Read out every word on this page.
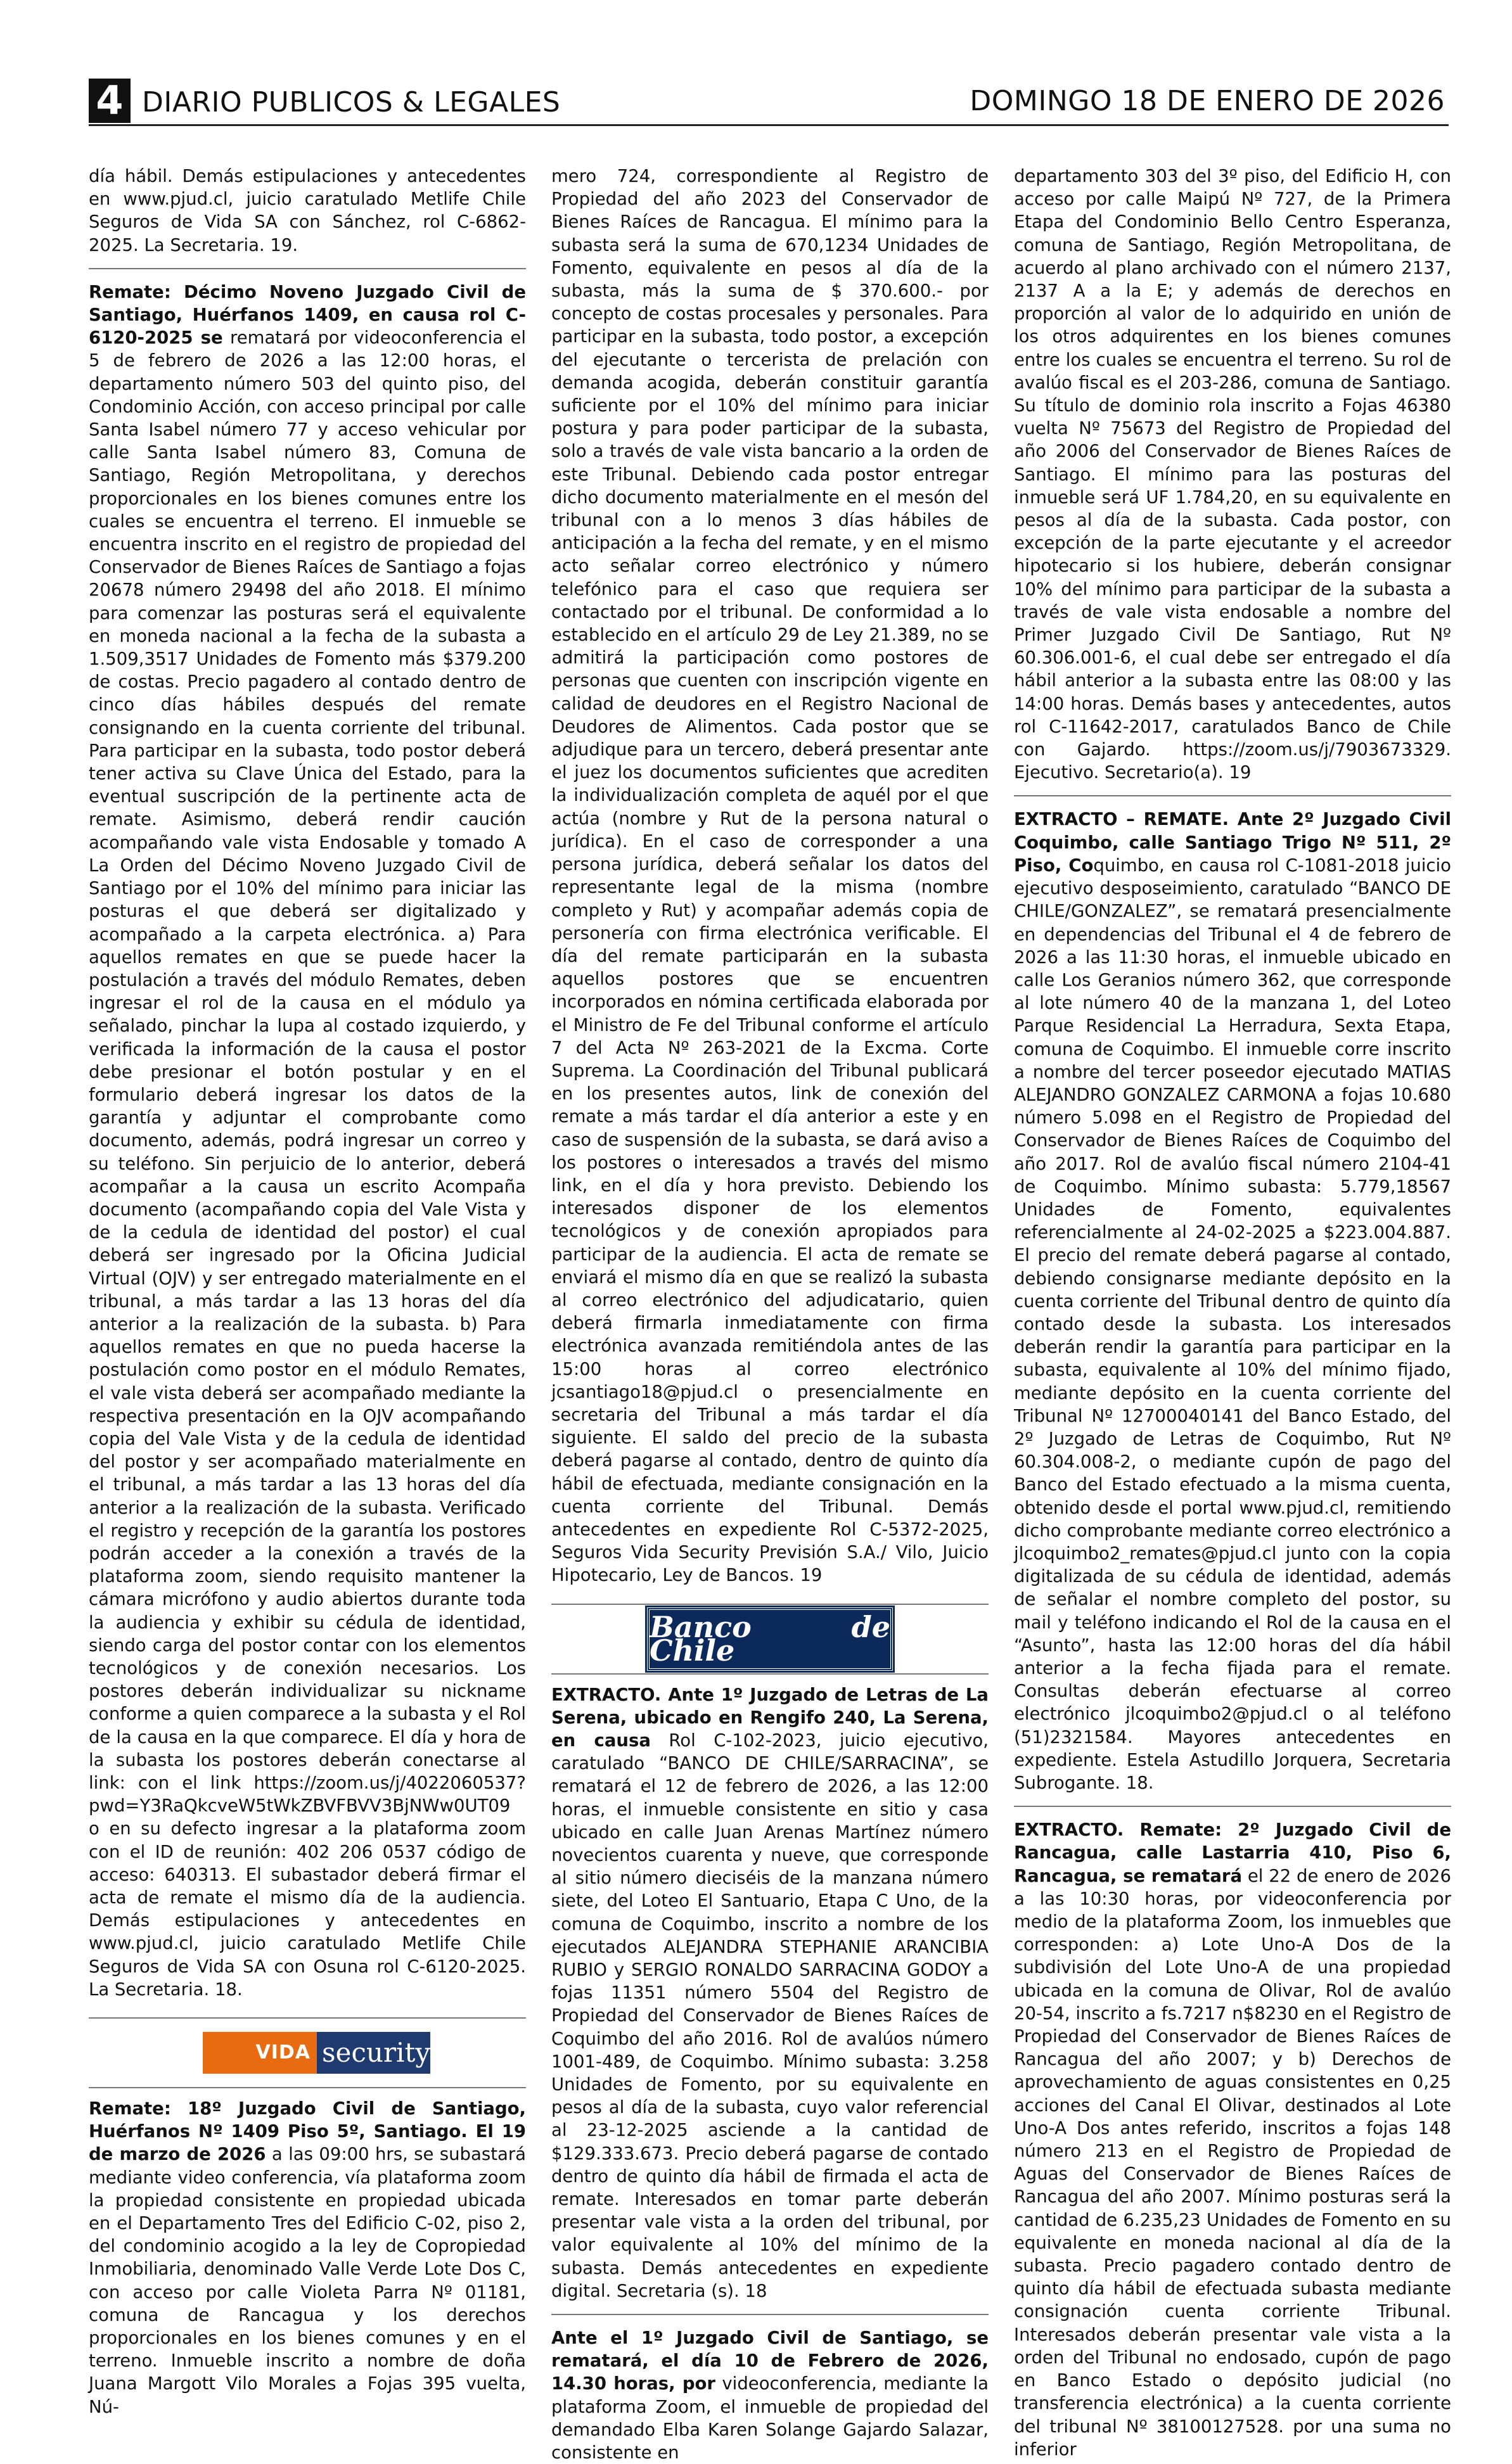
4 DIARIO PUBLICOS & LEGALES	DOMINGO 18 DE ENERO DE 2026

día hábil. Demás estipulaciones y antecedentes en www.pjud.cl, juicio caratulado Metlife Chile Seguros de Vida SA con Sánchez, rol C-6862-2025. La Secretaria. 19.

Remate: Décimo Noveno Juzgado Civil de Santiago, Huérfanos 1409, en causa rol C-6120-2025 se rematará por videoconferencia el 5 de febrero de 2026 a las 12:00 horas, el departamento número 503 del quinto piso, del Condominio Acción, con acceso principal por calle Santa Isabel número 77 y acceso vehicular por calle Santa Isabel número 83, Comuna de Santiago, Región Metropolitana, y derechos proporcionales en los bienes comunes entre los cuales se encuentra el terreno. El inmueble se encuentra inscrito en el registro de propiedad del Conservador de Bienes Raíces de Santiago a fojas 20678 número 29498 del año 2018. El mínimo para comenzar las posturas será el equivalente en moneda nacional a la fecha de la subasta a 1.509,3517 Unidades de Fomento más $379.200 de costas. Precio pagadero al contado dentro de cinco días hábiles después del remate consignando en la cuenta corriente del tribunal. Para participar en la subasta, todo postor deberá tener activa su Clave Única del Estado, para la eventual suscripción de la pertinente acta de remate. Asimismo, deberá rendir caución acompañando vale vista Endosable y tomado A La Orden del Décimo Noveno Juzgado Civil de Santiago por el 10% del mínimo para iniciar las posturas el que deberá ser digitalizado y acompañado a la carpeta electrónica. a) Para aquellos remates en que se puede hacer la postulación a través del módulo Remates, deben ingresar el rol de la causa en el módulo ya señalado, pinchar la lupa al costado izquierdo, y verificada la información de la causa el postor debe presionar el botón postular y en el formulario deberá ingresar los datos de la garantía y adjuntar el comprobante como documento, además, podrá ingresar un correo y su teléfono. Sin perjuicio de lo anterior, deberá acompañar a la causa un escrito Acompaña documento (acompañando copia del Vale Vista y de la cedula de identidad del postor) el cual deberá ser ingresado por la Oficina Judicial Virtual (OJV) y ser entregado materialmente en el tribunal, a más tardar a las 13 horas del día anterior a la realización de la subasta. b) Para aquellos remates en que no pueda hacerse la postulación como postor en el módulo Remates, el vale vista deberá ser acompañado mediante la respectiva presentación en la OJV acompañando copia del Vale Vista y de la cedula de identidad del postor y ser acompañado materialmente en el tribunal, a más tardar a las 13 horas del día anterior a la realización de la subasta. Verificado el registro y recepción de la garantía los postores podrán acceder a la conexión a través de la plataforma zoom, siendo requisito mantener la cámara micrófono y audio abiertos durante toda la audiencia y exhibir su cédula de identidad, siendo carga del postor contar con los elementos tecnológicos y de conexión necesarios. Los postores deberán individualizar su nickname conforme a quien comparece a la subasta y el Rol de la causa en la que comparece. El día y hora de la subasta los postores deberán conectarse al link: con el link https://zoom.us/j/4022060537?pwd=Y3RaQkcveW5tWkZBVFBVV3BjNWw0UT09 o en su defecto ingresar a la plataforma zoom con el ID de reunión: 402 206 0537 código de acceso: 640313. El subastador deberá firmar el acta de remate el mismo día de la audiencia. Demás estipulaciones y antecedentes en www.pjud.cl, juicio caratulado Metlife Chile Seguros de Vida SA con Osuna rol C-6120-2025. La Secretaria. 18.

VIDA security

Remate: 18º Juzgado Civil de Santiago, Huérfanos Nº 1409 Piso 5º, Santiago. El 19 de marzo de 2026 a las 09:00 hrs, se subastará mediante video conferencia, vía plataforma zoom la propiedad consistente en propiedad ubicada en el Departamento Tres del Edificio C-02, piso 2, del condominio acogido a la ley de Copropiedad Inmobiliaria, denominado Valle Verde Lote Dos C, con acceso por calle Violeta Parra Nº 01181, comuna de Rancagua y los derechos proporcionales en los bienes comunes y en el terreno. Inmueble inscrito a nombre de doña Juana Margott Vilo Morales a Fojas 395 vuelta, Nú-

mero 724, correspondiente al Registro de Propiedad del año 2023 del Conservador de Bienes Raíces de Rancagua. El mínimo para la subasta será la suma de 670,1234 Unidades de Fomento, equivalente en pesos al día de la subasta, más la suma de $ 370.600.- por concepto de costas procesales y personales. Para participar en la subasta, todo postor, a excepción del ejecutante o tercerista de prelación con demanda acogida, deberán constituir garantía suficiente por el 10% del mínimo para iniciar postura y para poder participar de la subasta, solo a través de vale vista bancario a la orden de este Tribunal. Debiendo cada postor entregar dicho documento materialmente en el mesón del tribunal con a lo menos 3 días hábiles de anticipación a la fecha del remate, y en el mismo acto señalar correo electrónico y número telefónico para el caso que requiera ser contactado por el tribunal. De conformidad a lo establecido en el artículo 29 de Ley 21.389, no se admitirá la participación como postores de personas que cuenten con inscripción vigente en calidad de deudores en el Registro Nacional de Deudores de Alimentos. Cada postor que se adjudique para un tercero, deberá presentar ante el juez los documentos suficientes que acrediten la individualización completa de aquél por el que actúa (nombre y Rut de la persona natural o jurídica). En el caso de corresponder a una persona jurídica, deberá señalar los datos del representante legal de la misma (nombre completo y Rut) y acompañar además copia de personería con firma electrónica verificable. El día del remate participarán en la subasta aquellos postores que se encuentren incorporados en nómina certificada elaborada por el Ministro de Fe del Tribunal conforme el artículo 7 del Acta Nº 263-2021 de la Excma. Corte Suprema. La Coordinación del Tribunal publicará en los presentes autos, link de conexión del remate a más tardar el día anterior a este y en caso de suspensión de la subasta, se dará aviso a los postores o interesados a través del mismo link, en el día y hora previsto. Debiendo los interesados disponer de los elementos tecnológicos y de conexión apropiados para participar de la audiencia. El acta de remate se enviará el mismo día en que se realizó la subasta al correo electrónico del adjudicatario, quien deberá firmarla inmediatamente con firma electrónica avanzada remitiéndola antes de las 15:00 horas al correo electrónico jcsantiago18@pjud.cl o presencialmente en secretaria del Tribunal a más tardar el día siguiente. El saldo del precio de la subasta deberá pagarse al contado, dentro de quinto día hábil de efectuada, mediante consignación en la cuenta corriente del Tribunal. Demás antecedentes en expediente Rol C-5372-2025, Seguros Vida Security Previsión S.A./ Vilo, Juicio Hipotecario, Ley de Bancos. 19

Banco de Chile

EXTRACTO. Ante 1º Juzgado de Letras de La Serena, ubicado en Rengifo 240, La Serena, en causa Rol C-102-2023, juicio ejecutivo, caratulado “BANCO DE CHILE/SARRACINA”, se rematará el 12 de febrero de 2026, a las 12:00 horas, el inmueble consistente en sitio y casa ubicado en calle Juan Arenas Martínez número novecientos cuarenta y nueve, que corresponde al sitio número dieciséis de la manzana número siete, del Loteo El Santuario, Etapa C Uno, de la comuna de Coquimbo, inscrito a nombre de los ejecutados ALEJANDRA STEPHANIE ARANCIBIA RUBIO y SERGIO RONALDO SARRACINA GODOY a fojas 11351 número 5504 del Registro de Propiedad del Conservador de Bienes Raíces de Coquimbo del año 2016. Rol de avalúos número 1001-489, de Coquimbo. Mínimo subasta: 3.258 Unidades de Fomento, por su equivalente en pesos al día de la subasta, cuyo valor referencial al 23-12-2025 asciende a la cantidad de $129.333.673. Precio deberá pagarse de contado dentro de quinto día hábil de firmada el acta de remate. Interesados en tomar parte deberán presentar vale vista a la orden del tribunal, por valor equivalente al 10% del mínimo de la subasta. Demás antecedentes en expediente digital. Secretaria (s). 18

Ante el 1º Juzgado Civil de Santiago, se rematará, el día 10 de Febrero de 2026, 14.30 horas, por videoconferencia, mediante la plataforma Zoom, el inmueble de propiedad del demandado Elba Karen Solange Gajardo Salazar, consistente en

departamento 303 del 3º piso, del Edificio H, con acceso por calle Maipú Nº 727, de la Primera Etapa del Condominio Bello Centro Esperanza, comuna de Santiago, Región Metropolitana, de acuerdo al plano archivado con el número 2137, 2137 A a la E; y además de derechos en proporción al valor de lo adquirido en unión de los otros adquirentes en los bienes comunes entre los cuales se encuentra el terreno. Su rol de avalúo fiscal es el 203-286, comuna de Santiago. Su título de dominio rola inscrito a Fojas 46380 vuelta Nº 75673 del Registro de Propiedad del año 2006 del Conservador de Bienes Raíces de Santiago. El mínimo para las posturas del inmueble será UF 1.784,20, en su equivalente en pesos al día de la subasta. Cada postor, con excepción de la parte ejecutante y el acreedor hipotecario si los hubiere, deberán consignar 10% del mínimo para participar de la subasta a través de vale vista endosable a nombre del Primer Juzgado Civil De Santiago, Rut Nº 60.306.001-6, el cual debe ser entregado el día hábil anterior a la subasta entre las 08:00 y las 14:00 horas. Demás bases y antecedentes, autos rol C-11642-2017, caratulados Banco de Chile con Gajardo. https://zoom.us/j/7903673329. Ejecutivo. Secretario(a). 19

EXTRACTO – REMATE. Ante 2º Juzgado Civil Coquimbo, calle Santiago Trigo Nº 511, 2º Piso, Coquimbo, en causa rol C-1081-2018 juicio ejecutivo desposeimiento, caratulado “BANCO DE CHILE/GONZALEZ”, se rematará presencialmente en dependencias del Tribunal el 4 de febrero de 2026 a las 11:30 horas, el inmueble ubicado en calle Los Geranios número 362, que corresponde al lote número 40 de la manzana 1, del Loteo Parque Residencial La Herradura, Sexta Etapa, comuna de Coquimbo. El inmueble corre inscrito a nombre del tercer poseedor ejecutado MATIAS ALEJANDRO GONZALEZ CARMONA a fojas 10.680 número 5.098 en el Registro de Propiedad del Conservador de Bienes Raíces de Coquimbo del año 2017. Rol de avalúo fiscal número 2104-41 de Coquimbo. Mínimo subasta: 5.779,18567 Unidades de Fomento, equivalentes referencialmente al 24-02-2025 a $223.004.887. El precio del remate deberá pagarse al contado, debiendo consignarse mediante depósito en la cuenta corriente del Tribunal dentro de quinto día contado desde la subasta. Los interesados deberán rendir la garantía para participar en la subasta, equivalente al 10% del mínimo fijado, mediante depósito en la cuenta corriente del Tribunal Nº 12700040141 del Banco Estado, del 2º Juzgado de Letras de Coquimbo, Rut Nº 60.304.008-2, o mediante cupón de pago del Banco del Estado efectuado a la misma cuenta, obtenido desde el portal www.pjud.cl, remitiendo dicho comprobante mediante correo electrónico a jlcoquimbo2_remates@pjud.cl junto con la copia digitalizada de su cédula de identidad, además de señalar el nombre completo del postor, su mail y teléfono indicando el Rol de la causa en el “Asunto”, hasta las 12:00 horas del día hábil anterior a la fecha fijada para el remate. Consultas deberán efectuarse al correo electrónico jlcoquimbo2@pjud.cl o al teléfono (51)2321584. Mayores antecedentes en expediente. Estela Astudillo Jorquera, Secretaria Subrogante. 18.

EXTRACTO. Remate: 2º Juzgado Civil de Rancagua, calle Lastarria 410, Piso 6, Rancagua, se rematará el 22 de enero de 2026 a las 10:30 horas, por videoconferencia por medio de la plataforma Zoom, los inmuebles que corresponden: a) Lote Uno-A Dos de la subdivisión del Lote Uno-A de una propiedad ubicada en la comuna de Olivar, Rol de avalúo 20-54, inscrito a fs.7217 n$8230 en el Registro de Propiedad del Conservador de Bienes Raíces de Rancagua del año 2007; y b) Derechos de aprovechamiento de aguas consistentes en 0,25 acciones del Canal El Olivar, destinados al Lote Uno-A Dos antes referido, inscritos a fojas 148 número 213 en el Registro de Propiedad de Aguas del Conservador de Bienes Raíces de Rancagua del año 2007. Mínimo posturas será la cantidad de 6.235,23 Unidades de Fomento en su equivalente en moneda nacional al día de la subasta. Precio pagadero contado dentro de quinto día hábil de efectuada subasta mediante consignación cuenta corriente Tribunal. Interesados deberán presentar vale vista a la orden del Tribunal no endosado, cupón de pago en Banco Estado o depósito judicial (no transferencia electrónica) a la cuenta corriente del tribunal Nº 38100127528. por una suma no inferior
